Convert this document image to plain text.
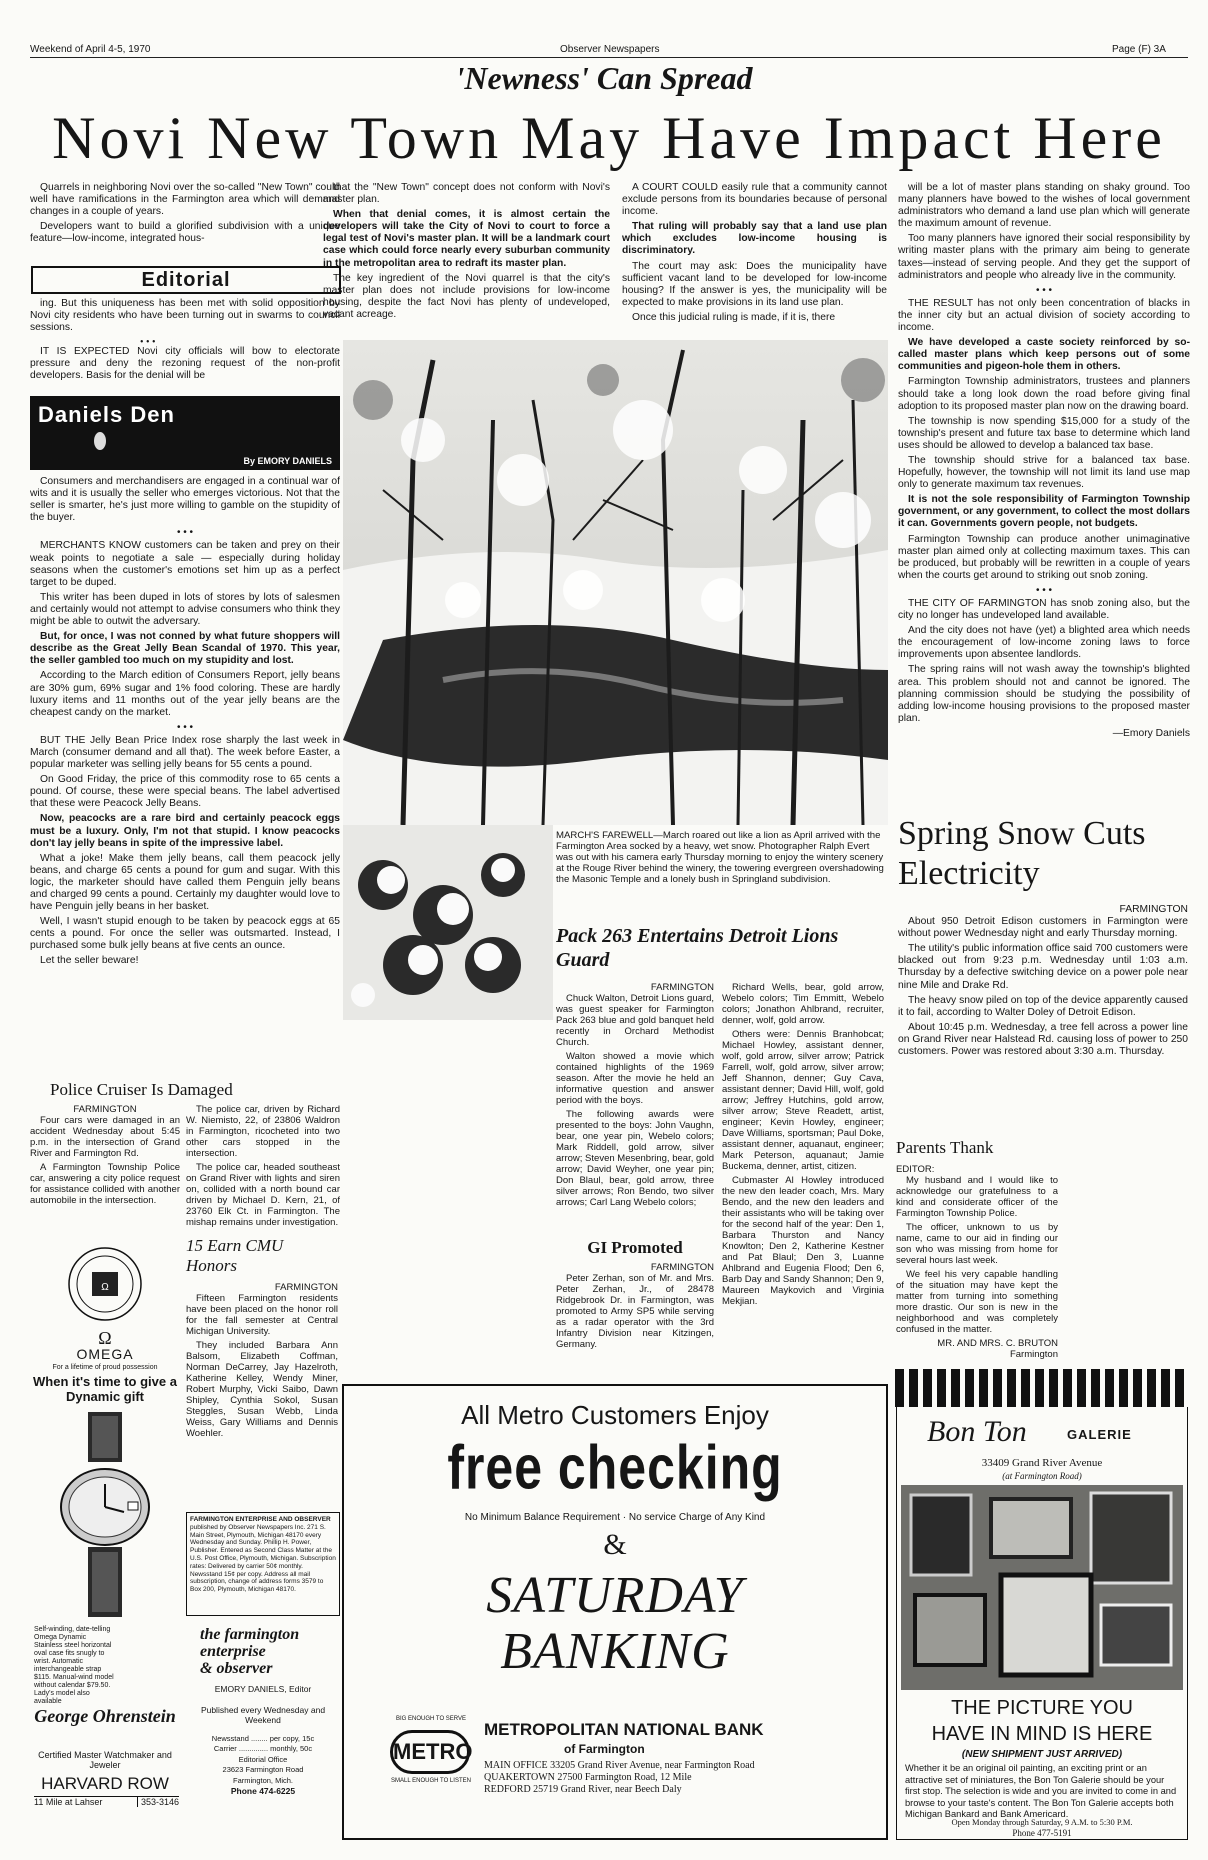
Weekend of April 4-5, 1970	Observer Newspapers	Page (F) 3A
'Newness' Can Spread
Novi New Town May Have Impact Here

Quarrels in neighboring Novi over the so-called "New Town" could well have ramifications in the Farmington area which will demand changes in a couple of years.

Developers want to build a glorified subdivision with a unique feature—low-income, integrated hous-

Editorial

ing. But this uniqueness has been met with solid opposition by Novi city residents who have been turning out in swarms to council sessions.

• • •

IT IS EXPECTED Novi city officials will bow to electorate pressure and deny the rezoning request of the non-profit developers. Basis for the denial will be

that the "New Town" concept does not conform with Novi's master plan.

When that denial comes, it is almost certain the developers will take the City of Novi to court to force a legal test of Novi's master plan. It will be a landmark court case which could force nearly every suburban community in the metropolitan area to redraft its master plan.

The key ingredient of the Novi quarrel is that the city's master plan does not include provisions for low-income housing, despite the fact Novi has plenty of undeveloped, vacant acreage.

A COURT COULD easily rule that a community cannot exclude persons from its boundaries because of personal income.

That ruling will probably say that a land use plan which excludes low-income housing is discriminatory.

The court may ask: Does the municipality have sufficient vacant land to be developed for low-income housing? If the answer is yes, the municipality will be expected to make provisions in its land use plan.

Once this judicial ruling is made, if it is, there

will be a lot of master plans standing on shaky ground. Too many planners have bowed to the wishes of local government administrators who demand a land use plan which will generate the maximum amount of revenue.

Too many planners have ignored their social responsibility by writing master plans with the primary aim being to generate taxes—instead of serving people. And they get the support of administrators and people who already live in the community.

• • •

THE RESULT has not only been concentration of blacks in the inner city but an actual division of society according to income.

We have developed a caste society reinforced by so-called master plans which keep persons out of some communities and pigeon-hole them in others.

Farmington Township administrators, trustees and planners should take a long look down the road before giving final adoption to its proposed master plan now on the drawing board.

The township is now spending $15,000 for a study of the township's present and future tax base to determine which land uses should be allowed to develop a balanced tax base.

The township should strive for a balanced tax base. Hopefully, however, the township will not limit its land use map only to generate maximum tax revenues.

It is not the sole responsibility of Farmington Township government, or any government, to collect the most dollars it can. Governments govern people, not budgets.

Farmington Township can produce another unimaginative master plan aimed only at collecting maximum taxes. This can be produced, but probably will be rewritten in a couple of years when the courts get around to striking out snob zoning.

• • •

THE CITY OF FARMINGTON has snob zoning also, but the city no longer has undeveloped land available.

And the city does not have (yet) a blighted area which needs the encouragement of low-income zoning laws to force improvements upon absentee landlords.

The spring rains will not wash away the township's blighted area. This problem should not and cannot be ignored. The planning commission should be studying the possibility of adding low-income housing provisions to the proposed master plan.

—Emory Daniels
Daniels Den
By EMORY DANIELS

Consumers and merchandisers are engaged in a continual war of wits and it is usually the seller who emerges victorious. Not that the seller is smarter, he's just more willing to gamble on the stupidity of the buyer.

• • •

MERCHANTS KNOW customers can be taken and prey on their weak points to negotiate a sale — especially during holiday seasons when the customer's emotions set him up as a perfect target to be duped.

This writer has been duped in lots of stores by lots of salesmen and certainly would not attempt to advise consumers who think they might be able to outwit the adversary.

But, for once, I was not conned by what future shoppers will describe as the Great Jelly Bean Scandal of 1970. This year, the seller gambled too much on my stupidity and lost.

According to the March edition of Consumers Report, jelly beans are 30% gum, 69% sugar and 1% food coloring. These are hardly luxury items and 11 months out of the year jelly beans are the cheapest candy on the market.

• • •

BUT THE Jelly Bean Price Index rose sharply the last week in March (consumer demand and all that). The week before Easter, a popular marketer was selling jelly beans for 55 cents a pound.

On Good Friday, the price of this commodity rose to 65 cents a pound. Of course, these were special beans. The label advertised that these were Peacock Jelly Beans.

Now, peacocks are a rare bird and certainly peacock eggs must be a luxury. Only, I'm not that stupid. I know peacocks don't lay jelly beans in spite of the impressive label.

What a joke! Make them jelly beans, call them peacock jelly beans, and charge 65 cents a pound for gum and sugar. With this logic, the marketer should have called them Penguin jelly beans and charged 99 cents a pound. Certainly my daughter would love to have Penguin jelly beans in her basket.

Well, I wasn't stupid enough to be taken by peacock eggs at 65 cents a pound. For once the seller was outsmarted. Instead, I purchased some bulk jelly beans at five cents an ounce.

Let the seller beware!

Police Cruiser Is Damaged
FARMINGTON

Four cars were damaged in an accident Wednesday about 5:45 p.m. in the intersection of Grand River and Farmington Rd.

A Farmington Township Police car, answering a city police request for assistance collided with another automobile in the intersection.

The police car, driven by Richard W. Niemisto, 22, of 23806 Waldron in Farmington, ricocheted into two other cars stopped in the intersection.

The police car, headed southeast on Grand River with lights and siren on, collided with a north bound car driven by Michael D. Kern, 21, of 23760 Elk Ct. in Farmington. The mishap remains under investigation.

15 Earn CMU Honors
FARMINGTON

Fifteen Farmington residents have been placed on the honor roll for the fall semester at Central Michigan University.

They included Barbara Ann Balsom, Elizabeth Coffman, Norman DeCarrey, Jay Hazelroth, Katherine Kelley, Wendy Miner, Robert Murphy, Vicki Saibo, Dawn Shipley, Cynthia Sokol, Susan Steggles, Susan Webb, Linda Weiss, Gary Williams and Dennis Woehler.

Ω
Ω
OMEGA
For a lifetime of proud possession
When it's time to give a Dynamic gift
Self-winding, date-telling Omega Dynamic Stainless steel horizontal oval case fits snugly to wrist. Automatic interchangeable strap $115. Manual-wind model without calendar $79.50. Lady's model also available
George Ohrenstein
Certified Master Watchmaker and Jeweler
HARVARD ROW
11 Mile at Lahser	353-3146
FARMINGTON ENTERPRISE AND OBSERVER published by Observer Newspapers Inc. 271 S. Main Street, Plymouth, Michigan 48170 every Wednesday and Sunday. Phillip H. Power, Publisher. Entered as Second Class Matter at the U.S. Post Office, Plymouth, Michigan. Subscription rates: Delivered by carrier 50¢ monthly. Newsstand 15¢ per copy. Address all mail subscription, change of address forms 3579 to Box 200, Plymouth, Michigan 48170.
the farmington
enterprise
& observer
EMORY DANIELS, Editor
Published every Wednesday and Weekend
Newsstand ........ per copy, 15c
Carrier .............. monthly, 50c
Editorial Office
23623 Farmington Road
Farmington, Mich.
Phone 474-6225
MARCH'S FAREWELL—March roared out like a lion as April arrived with the Farmington Area socked by a heavy, wet snow. Photographer Ralph Evert was out with his camera early Thursday morning to enjoy the wintery scenery at the Rouge River behind the winery, the towering evergreen overshadowing the Masonic Temple and a lonely bush in Springland subdivision.
Pack 263 Entertains Detroit Lions Guard
FARMINGTON

Chuck Walton, Detroit Lions guard, was guest speaker for Farmington Pack 263 blue and gold banquet held recently in Orchard Methodist Church.

Walton showed a movie which contained highlights of the 1969 season. After the movie he held an informative question and answer period with the boys.

The following awards were presented to the boys: John Vaughn, bear, one year pin, Webelo colors; Mark Riddell, gold arrow, silver arrow; Steven Mesenbring, bear, gold arrow; David Weyher, one year pin; Don Blaul, bear, gold arrow, three silver arrows; Ron Bendo, two silver arrows; Carl Lang Webelo colors;

Richard Wells, bear, gold arrow, Webelo colors; Tim Emmitt, Webelo colors; Jonathon Ahlbrand, recruiter, denner, wolf, gold arrow.

Others were: Dennis Branhobcat; Michael Howley, assistant denner, wolf, gold arrow, silver arrow; Patrick Farrell, wolf, gold arrow, silver arrow; Jeff Shannon, denner; Guy Cava, assistant denner; David Hill, wolf, gold arrow; Jeffrey Hutchins, gold arrow, silver arrow; Steve Readett, artist, engineer; Kevin Howley, engineer; Dave Williams, sportsman; Paul Doke, assistant denner, aquanaut, engineer; Mark Peterson, aquanaut; Jamie Buckema, denner, artist, citizen.

Cubmaster Al Howley introduced the new den leader coach, Mrs. Mary Bendo, and the new den leaders and their assistants who will be taking over for the second half of the year: Den 1, Barbara Thurston and Nancy Knowlton; Den 2, Katherine Kestner and Pat Blaul; Den 3, Luanne Ahlbrand and Eugenia Flood; Den 6, Barb Day and Sandy Shannon; Den 9, Maureen Maykovich and Virginia Mekjian.

GI Promoted
FARMINGTON

Peter Zerhan, son of Mr. and Mrs. Peter Zerhan, Jr., of 28478 Ridgebrook Dr. in Farmington, was promoted to Army SP5 while serving as a radar operator with the 3rd Infantry Division near Kitzingen, Germany.

Parents Thank
EDITOR:

My husband and I would like to acknowledge our gratefulness to a kind and considerate officer of the Farmington Township Police.

The officer, unknown to us by name, came to our aid in finding our son who was missing from home for several hours last week.

We feel his very capable handling of the situation may have kept the matter from turning into something more drastic. Our son is new in the neighborhood and was completely confused in the matter.

MR. AND MRS. C. BRUTON
Farmington
Spring Snow Cuts Electricity
FARMINGTON

About 950 Detroit Edison customers in Farmington were without power Wednesday night and early Thursday morning.

The utility's public information office said 700 customers were blacked out from 9:23 p.m. Wednesday until 1:03 a.m. Thursday by a defective switching device on a power pole near nine Mile and Drake Rd.

The heavy snow piled on top of the device apparently caused it to fail, according to Walter Doley of Detroit Edison.

About 10:45 p.m. Wednesday, a tree fell across a power line on Grand River near Halstead Rd. causing loss of power to 250 customers. Power was restored about 3:30 a.m. Thursday.

All Metro Customers Enjoy
free checking
No Minimum Balance Requirement · No service Charge of Any Kind
&
SATURDAY
BANKING
BIG ENOUGH TO SERVE
METRO
SMALL ENOUGH TO LISTEN
METROPOLITAN NATIONAL BANK
of Farmington
MAIN OFFICE 33205 Grand River Avenue, near Farmington Road
QUAKERTOWN 27500 Farmington Road, 12 Mile
REDFORD 25719 Grand River, near Beech Daly
Bon Ton	GALERIE
33409 Grand River Avenue
(at Farmington Road)
THE PICTURE YOU
HAVE IN MIND IS HERE
(NEW SHIPMENT JUST ARRIVED)
Whether it be an original oil painting, an exciting print or an attractive set of miniatures, the Bon Ton Galerie should be your first stop. The selection is wide and you are invited to come in and browse to your taste's content. The Bon Ton Galerie accepts both Michigan Bankard and Bank Americard.
Open Monday through Saturday, 9 A.M. to 5:30 P.M.
Phone 477-5191
